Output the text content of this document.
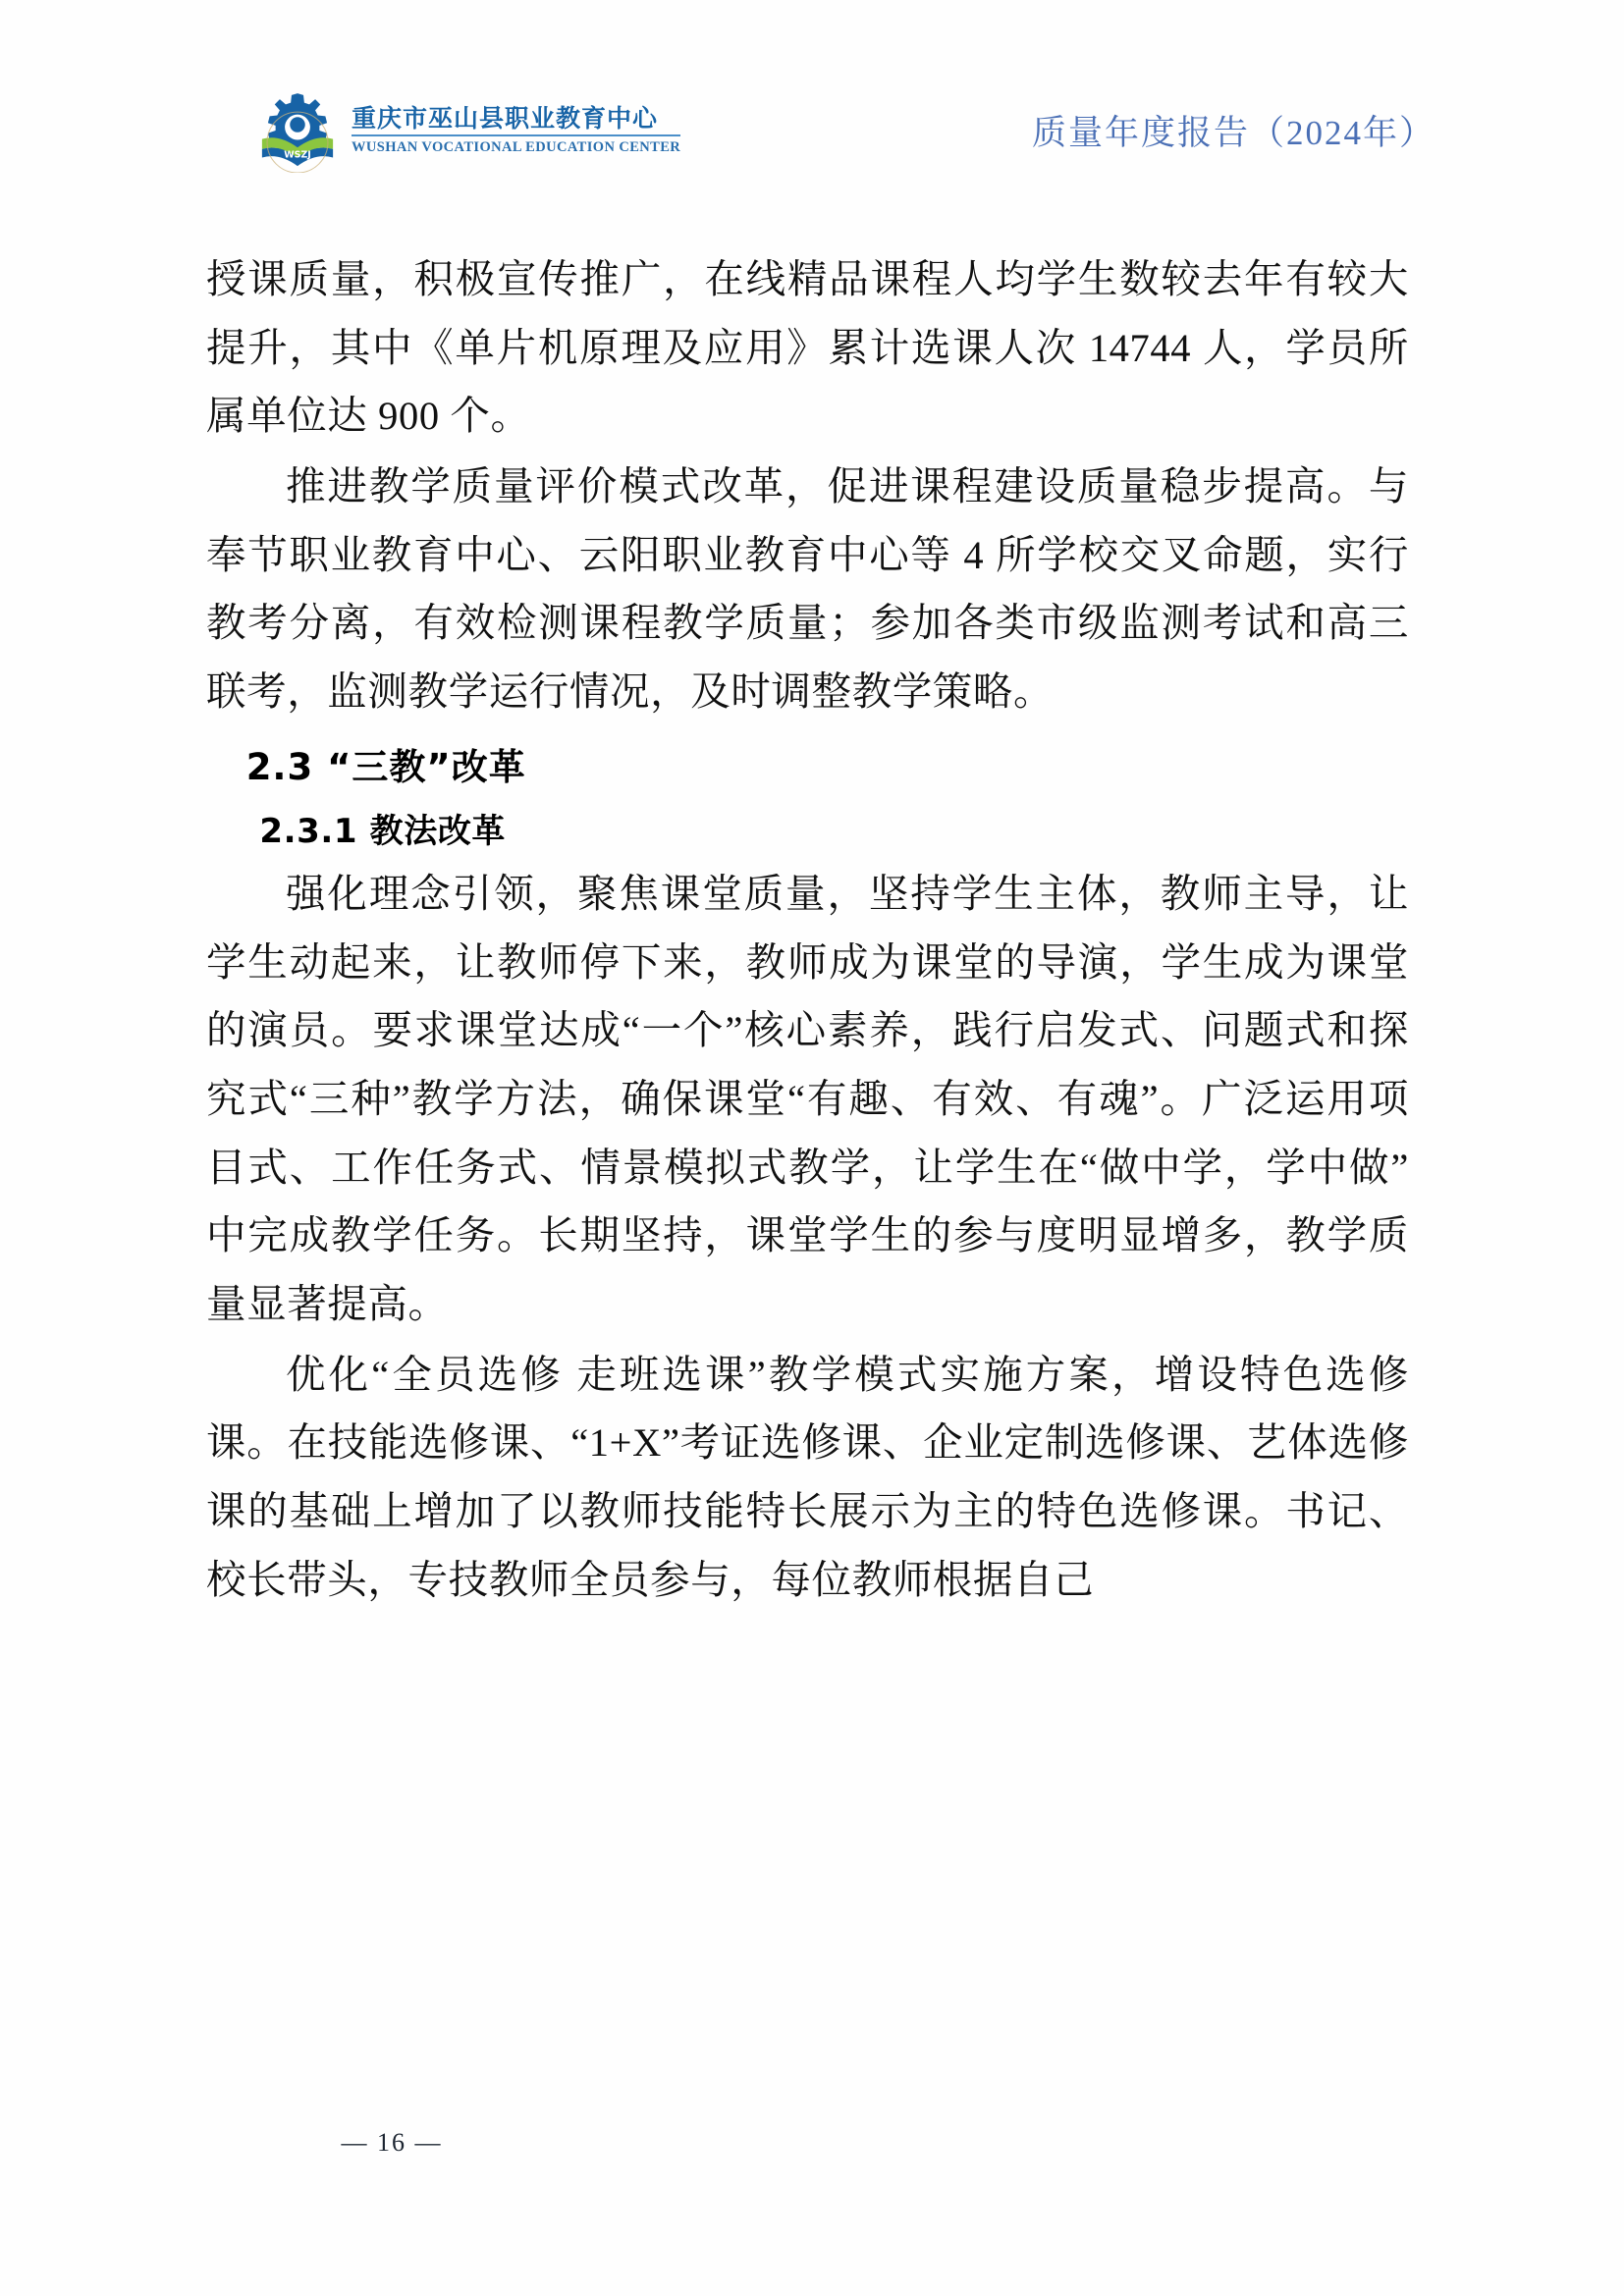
WSZJ
重庆市巫山县职业教育中心
WUSHAN VOCATIONAL EDUCATION CENTER	质量年度报告（2024年）

授课质量，积极宣传推广，在线精品课程人均学生数较去年有较大提升，其中《单片机原理及应用》累计选课人次 14744 人，学员所属单位达 900 个。

推进教学质量评价模式改革，促进课程建设质量稳步提高。与奉节职业教育中心、云阳职业教育中心等 4 所学校交叉命题，实行教考分离，有效检测课程教学质量；参加各类市级监测考试和高三联考，监测教学运行情况，及时调整教学策略。

2.3 “三教”改革
2.3.1 教法改革

强化理念引领，聚焦课堂质量，坚持学生主体，教师主导，让学生动起来，让教师停下来，教师成为课堂的导演，学生成为课堂的演员。要求课堂达成“一个”核心素养，践行启发式、问题式和探究式“三种”教学方法，确保课堂“有趣、有效、有魂”。广泛运用项目式、工作任务式、情景模拟式教学，让学生在“做中学，学中做”中完成教学任务。长期坚持，课堂学生的参与度明显增多，教学质量显著提高。

优化“全员选修 走班选课”教学模式实施方案，增设特色选修课。在技能选修课、“1+X”考证选修课、企业定制选修课、艺体选修课的基础上增加了以教师技能特长展示为主的特色选修课。书记、校长带头，专技教师全员参与，每位教师根据自己

— 16 —
